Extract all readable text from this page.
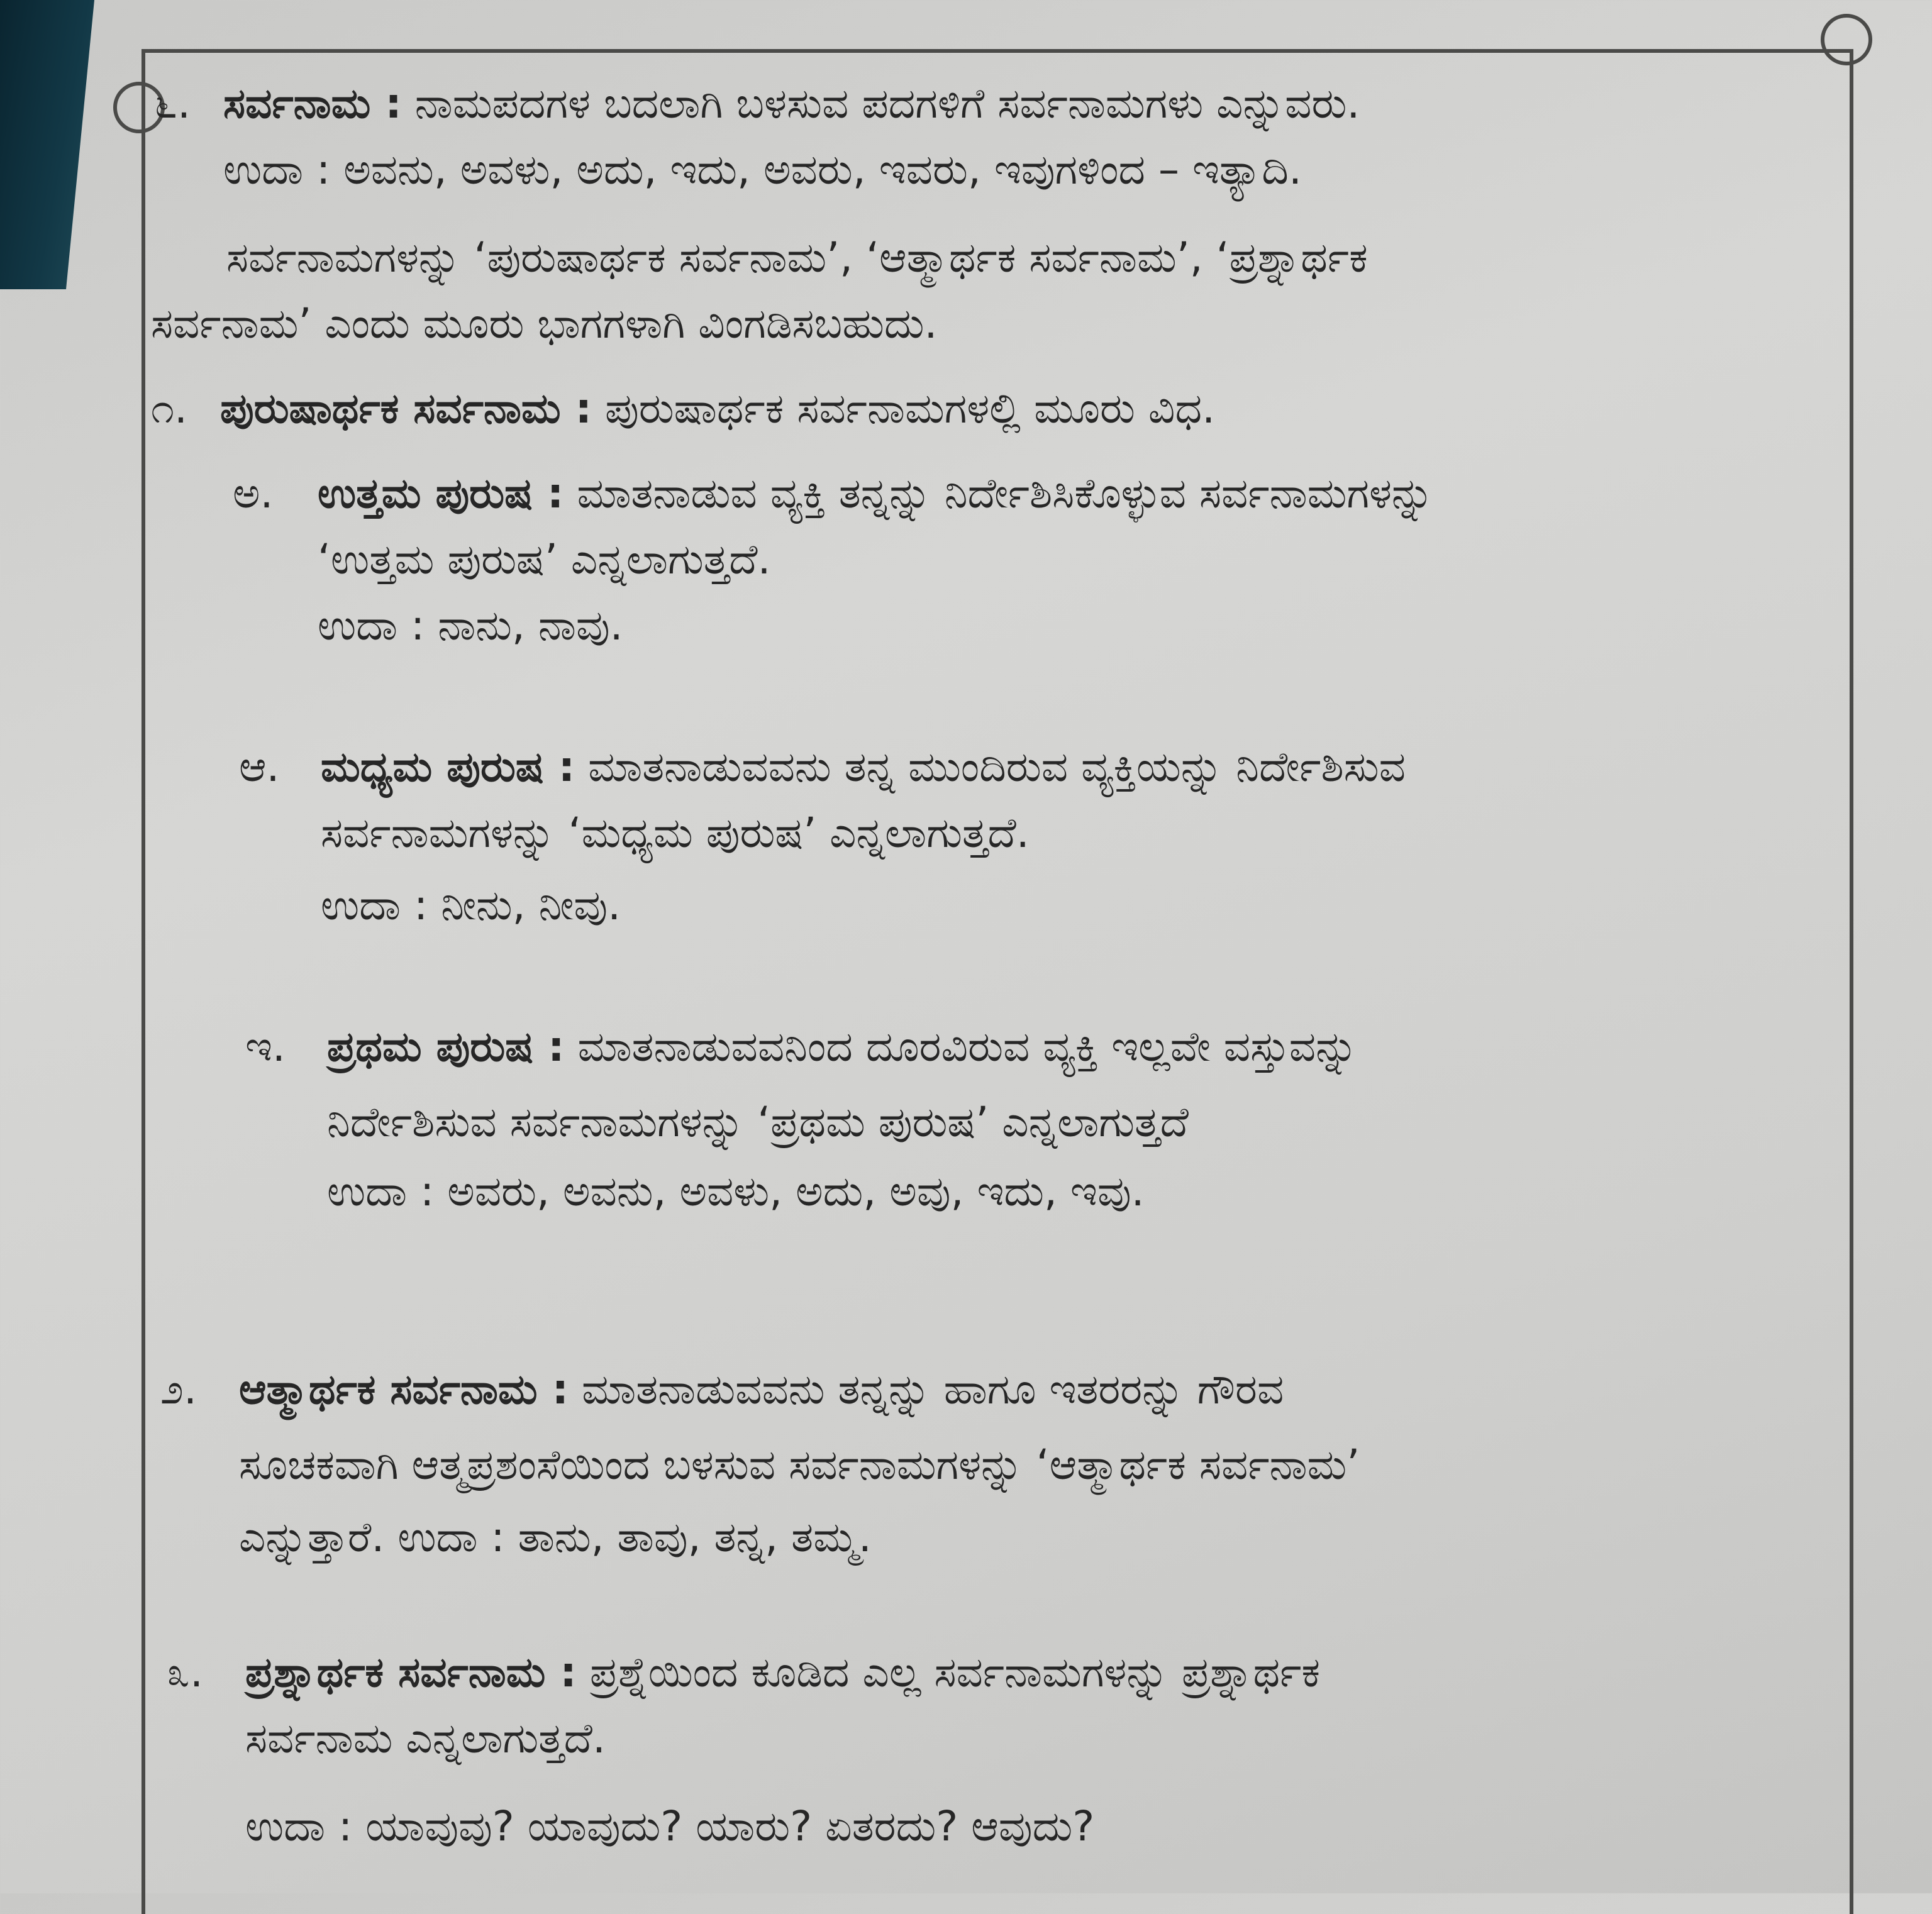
೬. ಸರ್ವನಾಮ : ನಾಮಪದಗಳ ಬದಲಾಗಿ ಬಳಸುವ ಪದಗಳಿಗೆ ಸರ್ವನಾಮಗಳು ಎನ್ನುವರು.
ಉದಾ : ಅವನು, ಅವಳು, ಅದು, ಇದು, ಅವರು, ಇವರು, ಇವುಗಳಿಂದ – ಇತ್ಯಾದಿ.
ಸರ್ವನಾಮಗಳನ್ನು ‘ಪುರುಷಾರ್ಥಕ ಸರ್ವನಾಮ’, ‘ಆತ್ಮಾರ್ಥಕ ಸರ್ವನಾಮ’, ‘ಪ್ರಶ್ನಾರ್ಥಕ
ಸರ್ವನಾಮ’ ಎಂದು ಮೂರು ಭಾಗಗಳಾಗಿ ವಿಂಗಡಿಸಬಹುದು.
೧. ಪುರುಷಾರ್ಥಕ ಸರ್ವನಾಮ : ಪುರುಷಾರ್ಥಕ ಸರ್ವನಾಮಗಳಲ್ಲಿ ಮೂರು ವಿಧ.
ಅ. ಉತ್ತಮ ಪುರುಷ : ಮಾತನಾಡುವ ವ್ಯಕ್ತಿ ತನ್ನನ್ನು ನಿರ್ದೇಶಿಸಿಕೊಳ್ಳುವ ಸರ್ವನಾಮಗಳನ್ನು
‘ಉತ್ತಮ ಪುರುಷ’ ಎನ್ನಲಾಗುತ್ತದೆ.
ಉದಾ : ನಾನು, ನಾವು.
ಆ. ಮಧ್ಯಮ ಪುರುಷ : ಮಾತನಾಡುವವನು ತನ್ನ ಮುಂದಿರುವ ವ್ಯಕ್ತಿಯನ್ನು ನಿರ್ದೇಶಿಸುವ
ಸರ್ವನಾಮಗಳನ್ನು ‘ಮಧ್ಯಮ ಪುರುಷ’ ಎನ್ನಲಾಗುತ್ತದೆ.
ಉದಾ : ನೀನು, ನೀವು.
ಇ. ಪ್ರಥಮ ಪುರುಷ : ಮಾತನಾಡುವವನಿಂದ ದೂರವಿರುವ ವ್ಯಕ್ತಿ ಇಲ್ಲವೇ ವಸ್ತುವನ್ನು
ನಿರ್ದೇಶಿಸುವ ಸರ್ವನಾಮಗಳನ್ನು ‘ಪ್ರಥಮ ಪುರುಷ’ ಎನ್ನಲಾಗುತ್ತದೆ
ಉದಾ : ಅವರು, ಅವನು, ಅವಳು, ಅದು, ಅವು, ಇದು, ಇವು.
೨. ಆತ್ಮಾರ್ಥಕ ಸರ್ವನಾಮ : ಮಾತನಾಡುವವನು ತನ್ನನ್ನು ಹಾಗೂ ಇತರರನ್ನು ಗೌರವ
ಸೂಚಕವಾಗಿ ಆತ್ಮಪ್ರಶಂಸೆಯಿಂದ ಬಳಸುವ ಸರ್ವನಾಮಗಳನ್ನು ‘ಆತ್ಮಾರ್ಥಕ ಸರ್ವನಾಮ’
ಎನ್ನುತ್ತಾರೆ. ಉದಾ : ತಾನು, ತಾವು, ತನ್ನ, ತಮ್ಮ.
೩. ಪ್ರಶ್ನಾರ್ಥಕ ಸರ್ವನಾಮ : ಪ್ರಶ್ನೆಯಿಂದ ಕೂಡಿದ ಎಲ್ಲ ಸರ್ವನಾಮಗಳನ್ನು ಪ್ರಶ್ನಾರ್ಥಕ
ಸರ್ವನಾಮ ಎನ್ನಲಾಗುತ್ತದೆ.
ಉದಾ : ಯಾವುವು? ಯಾವುದು? ಯಾರು? ಏತರದು? ಆವುದು?
